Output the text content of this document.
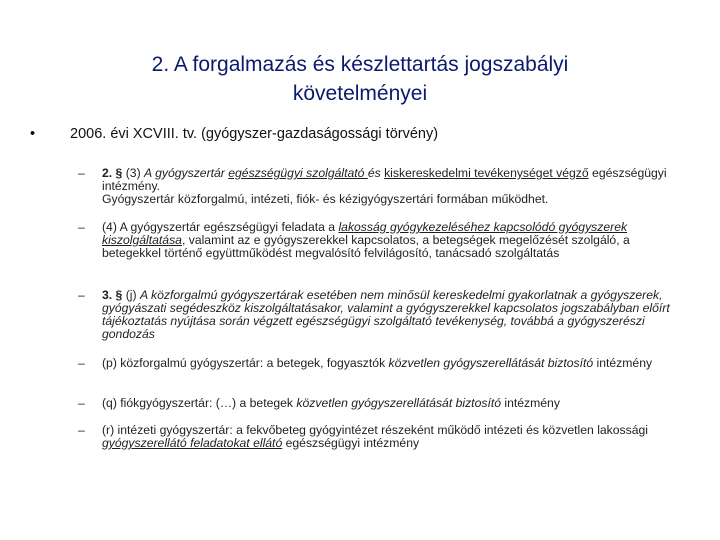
2. A forgalmazás és készlettartás jogszabályi
követelményei
• 2006. évi XCVIII. tv. (gyógyszer-gazdaságossági törvény)
– 2. § (3) A gyógyszertár egészségügyi szolgáltató és kiskereskedelmi tevékenységet végző egészségügyi intézmény.
Gyógyszertár közforgalmú, intézeti, fiók- és kézigyógyszertári formában működhet.
– (4) A gyógyszertár egészségügyi feladata a lakosság gyógykezeléséhez kapcsolódó gyógyszerek kiszolgáltatása, valamint az e gyógyszerekkel kapcsolatos, a betegségek megelőzését szolgáló, a betegekkel történő együttműködést megvalósító felvilágosító, tanácsadó szolgáltatás
– 3. § (j) A közforgalmú gyógyszertárak esetében nem minősül kereskedelmi gyakorlatnak a gyógyszerek, gyógyászati segédeszköz kiszolgáltatásakor, valamint a gyógyszerekkel kapcsolatos jogszabályban előírt tájékoztatás nyújtása során végzett egészségügyi szolgáltató tevékenység, továbbá a gyógyszerészi gondozás
– (p) közforgalmú gyógyszertár: a betegek, fogyasztók közvetlen gyógyszerellátását biztosító intézmény
– (q) fiókgyógyszertár: (…) a betegek közvetlen gyógyszerellátását biztosító intézmény
– (r) intézeti gyógyszertár: a fekvőbeteg gyógyintézet részeként működő intézeti és közvetlen lakossági gyógyszerellátó feladatokat ellátó egészségügyi intézmény
